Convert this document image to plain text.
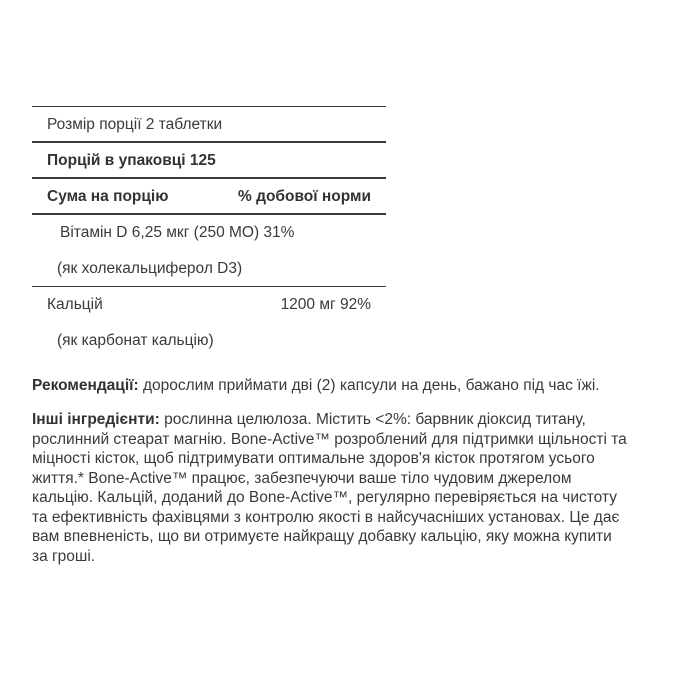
Розмір порції 2 таблетки
Порцій в упаковці 125
Сума на порцію	% добової норми
Вітамін D 6,25 мкг (250 МО) 31%
(як холекальциферол D3)
Кальцій	1200 мг 92%
(як карбонат кальцію)
Рекомендації: дорослим приймати дві (2) капсули на день, бажано під час їжі.
Інші інгредієнти: рослинна целюлоза. Містить <2%: барвник діоксид титану,
рослинний стеарат магнію. Bone-Active™ розроблений для підтримки щільності та
міцності кісток, щоб підтримувати оптимальне здоров'я кісток протягом усього
життя.* Bone-Active™ працює, забезпечуючи ваше тіло чудовим джерелом
кальцію. Кальцій, доданий до Bone-Active™, регулярно перевіряється на чистоту
та ефективність фахівцями з контролю якості в найсучасніших установах. Це дає
вам впевненість, що ви отримуєте найкращу добавку кальцію, яку можна купити
за гроші.
